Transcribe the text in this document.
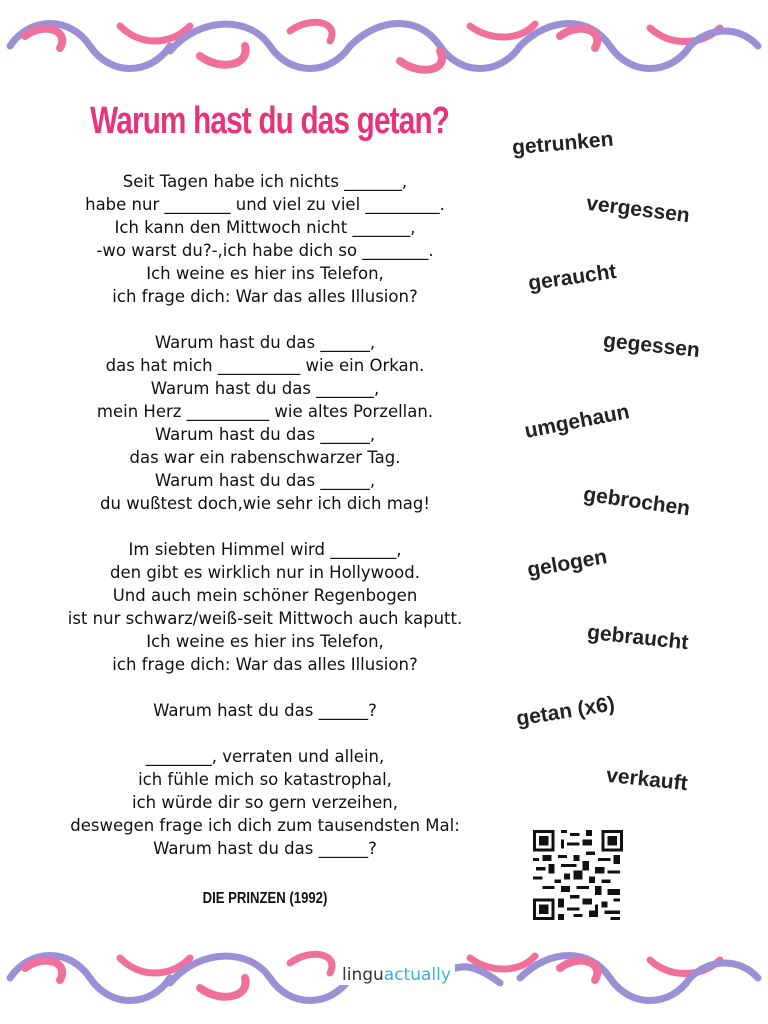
Warum hast du das getan?
Seit Tagen habe ich nichts _______,
habe nur ________ und viel zu viel _________.
Ich kann den Mittwoch nicht _______,
-wo warst du?-,ich habe dich so ________.
Ich weine es hier ins Telefon,
ich frage dich: War das alles Illusion?
Warum hast du das ______,
das hat mich __________ wie ein Orkan.
Warum hast du das _______,
mein Herz __________ wie altes Porzellan.
Warum hast du das ______,
das war ein rabenschwarzer Tag.
Warum hast du das ______,
du wußtest doch,wie sehr ich dich mag!
Im siebten Himmel wird ________,
den gibt es wirklich nur in Hollywood.
Und auch mein schöner Regenbogen
ist nur schwarz/weiß-seit Mittwoch auch kaputt.
Ich weine es hier ins Telefon,
ich frage dich: War das alles Illusion?
Warum hast du das ______?
________, verraten und allein,
ich fühle mich so katastrophal,
ich würde dir so gern verzeihen,
deswegen frage ich dich zum tausendsten Mal:
Warum hast du das ______?
DIE PRINZEN (1992)
getrunken
vergessen
geraucht
gegessen
umgehaun
gebrochen
gelogen
gebraucht
getan (x6)
verkauft
linguactually
